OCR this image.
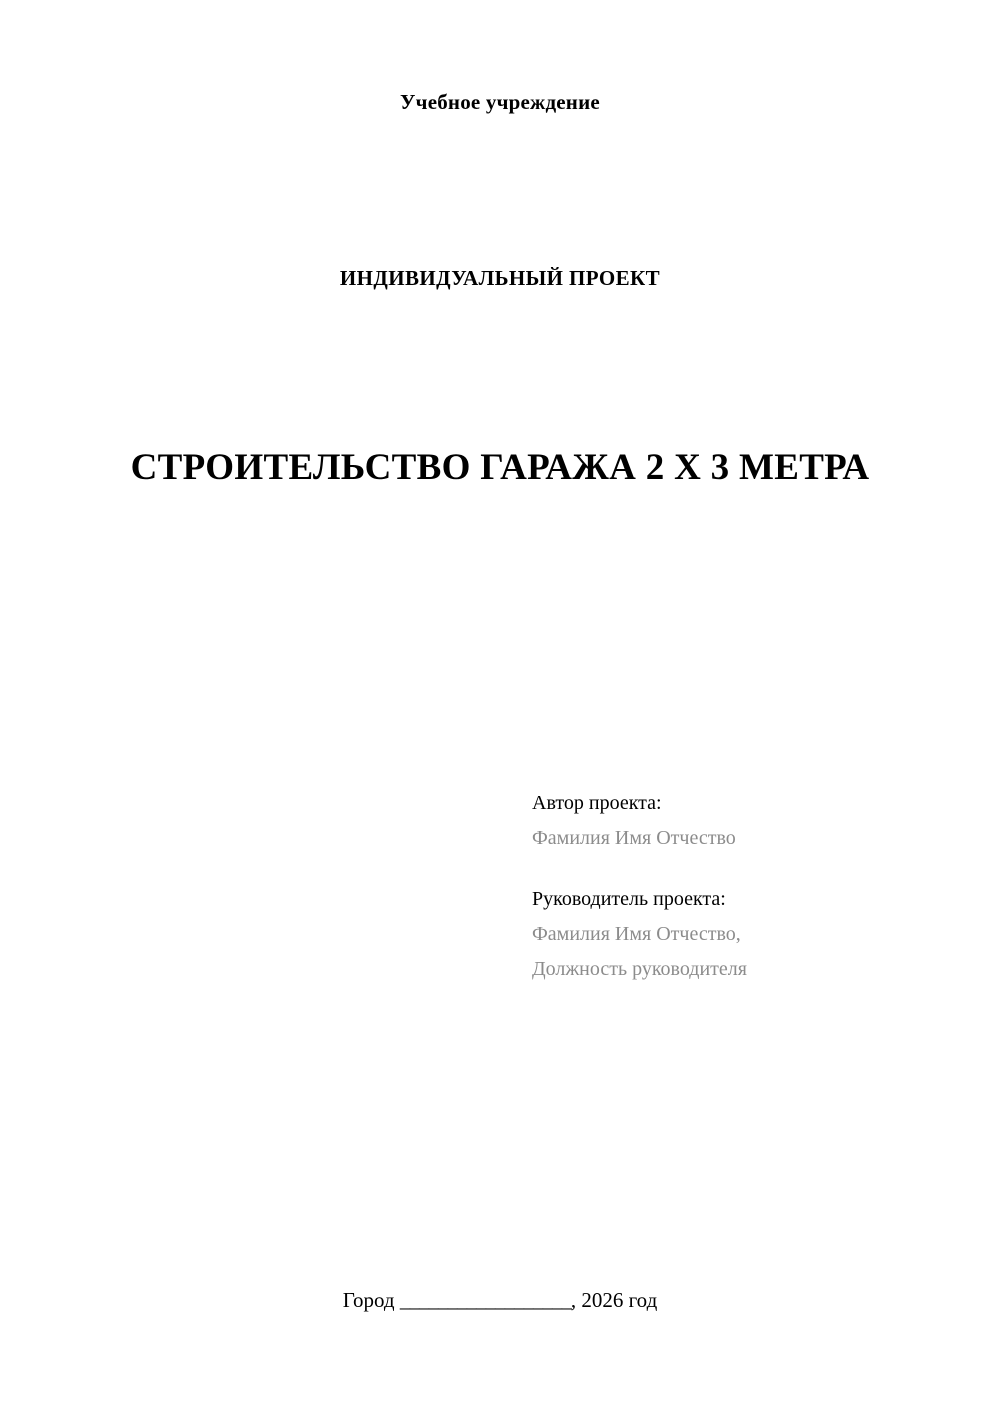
Учебное учреждение
ИНДИВИДУАЛЬНЫЙ ПРОЕКТ
СТРОИТЕЛЬСТВО ГАРАЖА 2 Х 3 МЕТРА
Автор проекта:
Фамилия Имя Отчество
Руководитель проекта:
Фамилия Имя Отчество,
Должность руководителя
Город __________________, 2026 год
